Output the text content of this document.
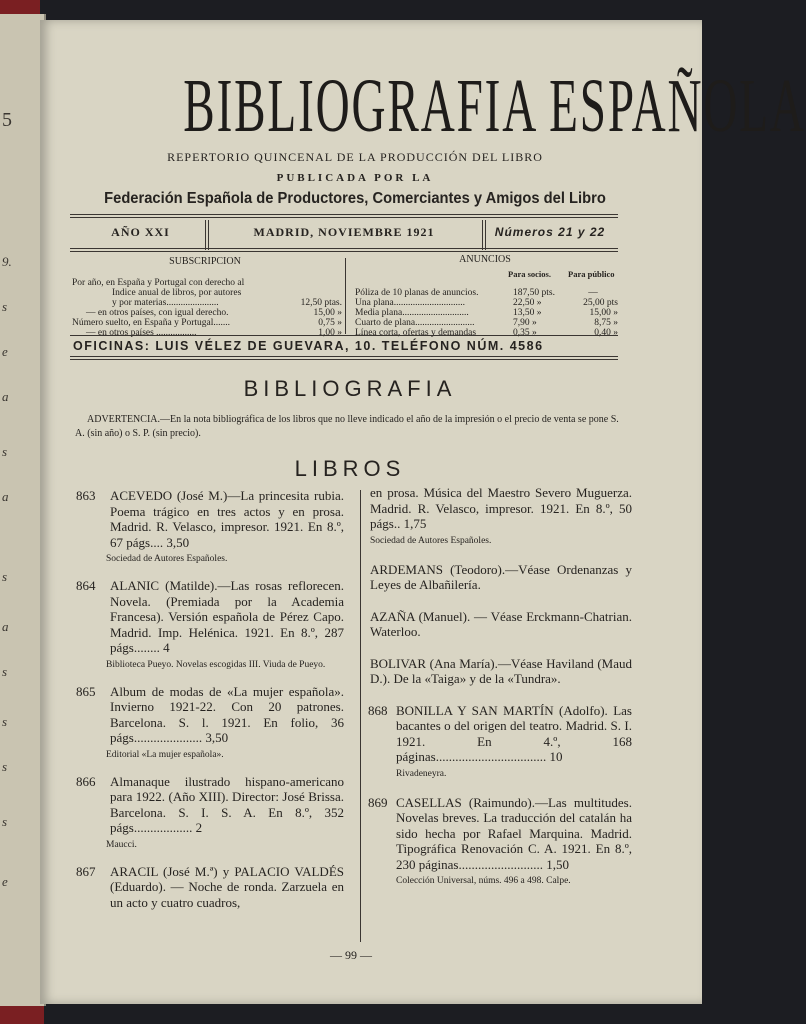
5
9.
s
e
a
s
a
s
a
s
s
s
s
e
BIBLIOGRAFIA ESPAÑOLA
REPERTORIO QUINCENAL DE LA PRODUCCIÓN DEL LIBRO
PUBLICADA POR LA
Federación Española de Productores, Comerciantes y Amigos del Libro
AÑO XXI	MADRID, NOVIEMBRE 1921	Números 21 y 22
SUBSCRIPCION
Por año, en España y Portugal con derecho al
Indice anual de libros, por autores
y por materias......................	12,50 ptas.
— en otros países, con igual derecho.	15,00 »
Número suelto, en España y Portugal.......	0,75 »
— en otros países .................	1,00 »
ANUNCIOS
Para socios. Para público
Póliza de 10 planas de anuncios.	187,50 pts.	—
Una plana..............................	22,50 »	25,00 pts
Media plana............................	13,50 »	15,00 »
Cuarto de plana.........................	7,90 »	8,75 »
Línea corta, ofertas y demandas	0,35 »	0,40 »
OFICINAS: LUIS VÉLEZ DE GUEVARA, 10. TELÉFONO NÚM. 4586
BIBLIOGRAFIA
ADVERTENCIA.—En la nota bibliográfica de los libros que no lleve indicado el año de la impresión o el precio de venta se pone S. A. (sin año) o S. P. (sin precio).
LIBROS
863 ACEVEDO (José M.)—La princesita rubia. Poema trágico en tres actos y en prosa. Madrid. R. Velasco, impresor. 1921. En 8.º, 67 págs.... 3,50
Sociedad de Autores Españoles.
864 ALANIC (Matilde).—Las rosas reflorecen. Novela. (Premiada por la Academia Francesa). Versión española de Pérez Capo. Madrid. Imp. Helénica. 1921. En 8.º, 287 págs........ 4
Biblioteca Pueyo. Novelas escogidas III. Viuda de Pueyo.
865 Album de modas de «La mujer española». Invierno 1921-22. Con 20 patrones. Barcelona. S. l. 1921. En folio, 36 págs..................... 3,50
Editorial «La mujer española».
866 Almanaque ilustrado hispano-americano para 1922. (Año XIII). Director: José Brissa. Barcelona. S. I. S. A. En 8.º, 352 págs.................. 2
Maucci.
867 ARACIL (José M.ª) y PALACIO VALDÉS (Eduardo). — Noche de ronda. Zarzuela en un acto y cuatro cuadros,
en prosa. Música del Maestro Severo Muguerza. Madrid. R. Velasco, impresor. 1921. En 8.º, 50 págs.. 1,75
Sociedad de Autores Españoles.
ARDEMANS (Teodoro).—Véase Ordenanzas y Leyes de Albañilería.
AZAÑA (Manuel). — Véase Erckmann-Chatrian. Waterloo.
BOLIVAR (Ana María).—Véase Haviland (Maud D.). De la «Taiga» y de la «Tundra».
868 BONILLA Y SAN MARTÍN (Adolfo). Las bacantes o del origen del teatro. Madrid. S. I. 1921. En 4.º, 168 páginas.................................. 10
Rivadeneyra.
869 CASELLAS (Raimundo).—Las multitudes. Novelas breves. La traducción del catalán ha sido hecha por Rafael Marquina. Madrid. Tipográfica Renovación C. A. 1921. En 8.º, 230 páginas.......................... 1,50
Colección Universal, núms. 496 a 498. Calpe.
— 99 —
